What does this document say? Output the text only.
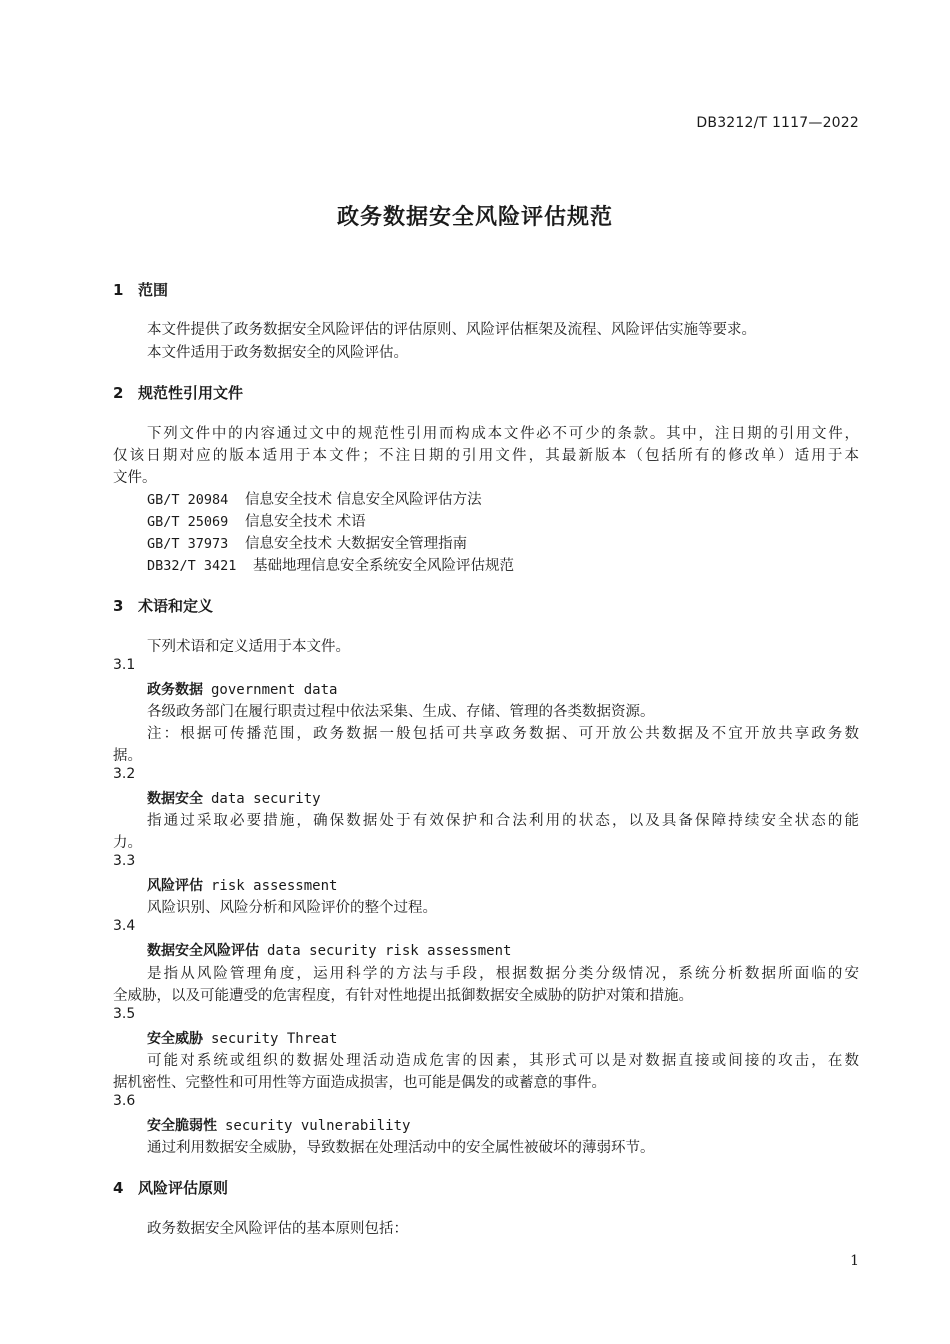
DB3212/T 1117—2022
政务数据安全风险评估规范
1 范围
本文件提供了政务数据安全风险评估的评估原则、风险评估框架及流程、风险评估实施等要求。
本文件适用于政务数据安全的风险评估。
2 规范性引用文件
下列文件中的内容通过文中的规范性引用而构成本文件必不可少的条款。其中，注日期的引用文件，
仅该日期对应的版本适用于本文件；不注日期的引用文件，其最新版本（包括所有的修改单）适用于本
文件。
GB/T 20984 信息安全技术 信息安全风险评估方法
GB/T 25069 信息安全技术 术语
GB/T 37973 信息安全技术 大数据安全管理指南
DB32/T 3421 基础地理信息安全系统安全风险评估规范
3 术语和定义
下列术语和定义适用于本文件。
3.1
政务数据 government data
各级政务部门在履行职责过程中依法采集、生成、存储、管理的各类数据资源。
注：根据可传播范围，政务数据一般包括可共享政务数据、可开放公共数据及不宜开放共享政务数
据。
3.2
数据安全 data security
指通过采取必要措施，确保数据处于有效保护和合法利用的状态，以及具备保障持续安全状态的能
力。
3.3
风险评估 risk assessment
风险识别、风险分析和风险评价的整个过程。
3.4
数据安全风险评估 data security risk assessment
是指从风险管理角度，运用科学的方法与手段，根据数据分类分级情况，系统分析数据所面临的安
全威胁，以及可能遭受的危害程度，有针对性地提出抵御数据安全威胁的防护对策和措施。
3.5
安全威胁 security Threat
可能对系统或组织的数据处理活动造成危害的因素，其形式可以是对数据直接或间接的攻击，在数
据机密性、完整性和可用性等方面造成损害，也可能是偶发的或蓄意的事件。
3.6
安全脆弱性 security vulnerability
通过利用数据安全威胁，导致数据在处理活动中的安全属性被破坏的薄弱环节。
4 风险评估原则
政务数据安全风险评估的基本原则包括：
1
